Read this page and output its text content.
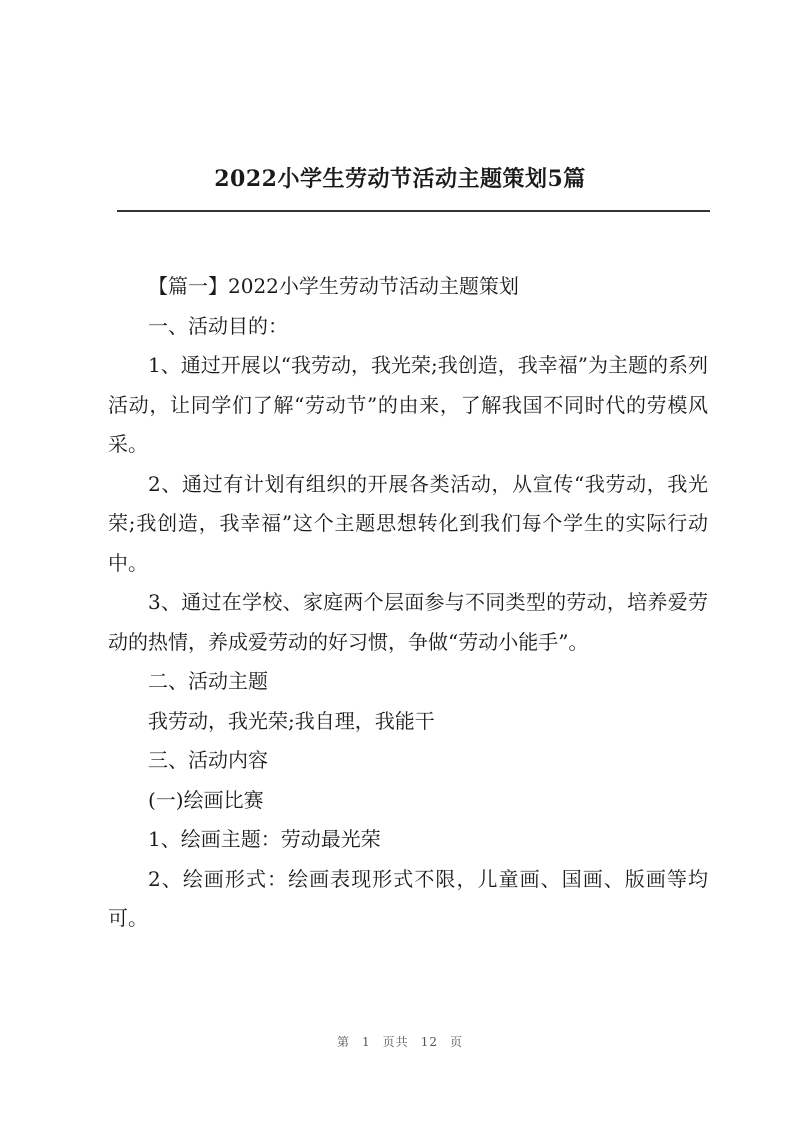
2022小学生劳动节活动主题策划5篇

【篇一】2022小学生劳动节活动主题策划

一、活动目的：

1、通过开展以“我劳动，我光荣;我创造，我幸福”为主题的系列活动，让同学们了解“劳动节”的由来，了解我国不同时代的劳模风采。

2、通过有计划有组织的开展各类活动，从宣传“我劳动，我光荣;我创造，我幸福”这个主题思想转化到我们每个学生的实际行动中。

3、通过在学校、家庭两个层面参与不同类型的劳动，培养爱劳动的热情，养成爱劳动的好习惯，争做“劳动小能手”。

二、活动主题

我劳动，我光荣;我自理，我能干

三、活动内容

(一)绘画比赛

1、绘画主题：劳动最光荣

2、绘画形式：绘画表现形式不限，儿童画、国画、版画等均可。

第 1 页共 12 页
